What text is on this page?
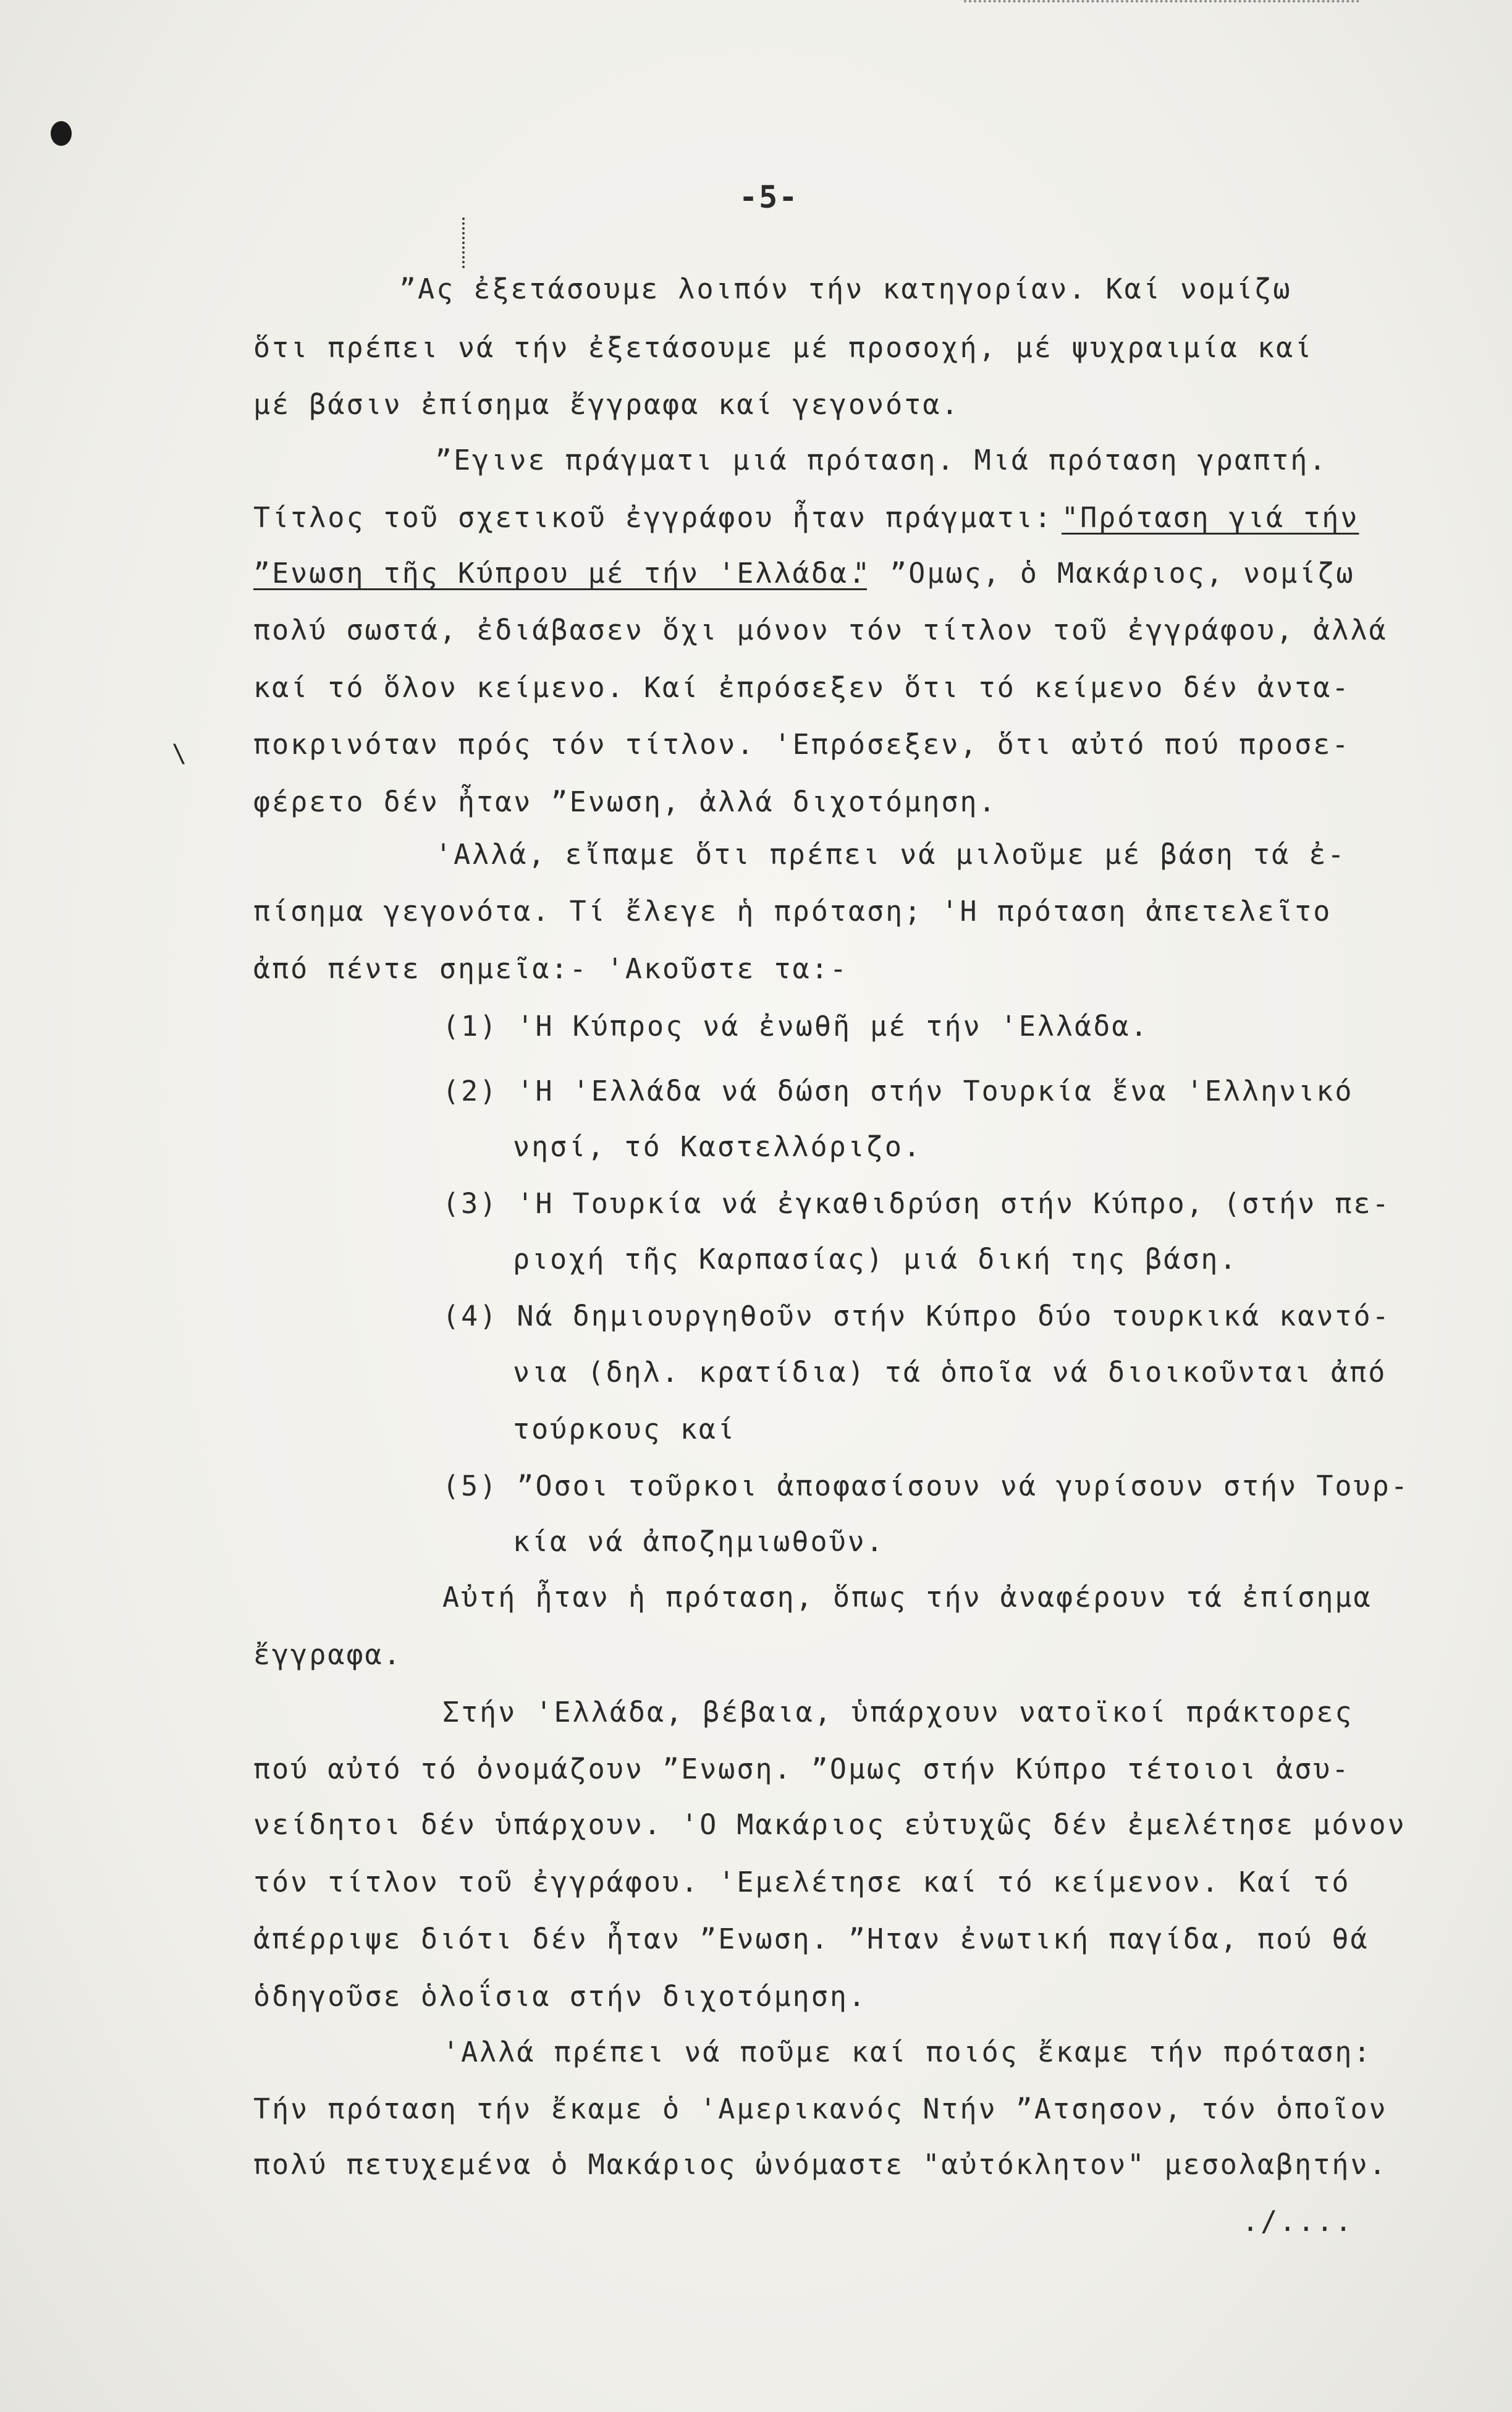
\
-5-
”Ας ἐξετάσουμε λοιπόν τήν κατηγορίαν. Καί νομίζω
ὅτι πρέπει νά τήν ἐξετάσουμε μέ προσοχή, μέ ψυχραιμία καί
μέ βάσιν ἐπίσημα ἔγγραφα καί γεγονότα.
”Εγινε πράγματι μιά πρόταση. Μιά πρόταση γραπτή.
Τίτλος τοῦ σχετικοῦ ἐγγράφου ἦταν πράγματι: "Πρόταση γιά τήν
”Ενωση τῆς Κύπρου μέ τήν 'Ελλάδα.
" ”Ομως, ὁ Μακάριος, νομίζω
πολύ σωστά, ἐδιάβασεν ὅχι μόνον τόν τίτλον τοῦ ἐγγράφου, ἀλλά
καί τό ὅλον κείμενο. Καί ἐπρόσεξεν ὅτι τό κείμενο δέν ἀντα-
ποκρινόταν πρός τόν τίτλον. 'Επρόσεξεν, ὅτι αὐτό πού προσε-
φέρετο δέν ἦταν ”Ενωση, ἀλλά διχοτόμηση.
'Αλλά, εἴπαμε ὅτι πρέπει νά μιλοῦμε μέ βάση τά ἐ-
πίσημα γεγονότα. Τί ἔλεγε ἡ πρόταση; 'Η πρόταση ἀπετελεῖτο
ἀπό πέντε σημεῖα:- 'Ακοῦστε τα:-
(1) 'Η Κύπρος νά ἐνωθῆ μέ τήν 'Ελλάδα.
(2) 'Η 'Ελλάδα νά δώση στήν Τουρκία ἕνα 'Ελληνικό
νησί, τό Καστελλόριζο.
(3) 'Η Τουρκία νά ἐγκαθιδρύση στήν Κύπρο, (στήν πε-
ριοχή τῆς Καρπασίας) μιά δική της βάση.
(4) Νά δημιουργηθοῦν στήν Κύπρο δύο τουρκικά καντό-
νια (δηλ. κρατίδια) τά ὁποῖα νά διοικοῦνται ἀπό
τούρκους καί
(5) ”Οσοι τοῦρκοι ἀποφασίσουν νά γυρίσουν στήν Τουρ-
κία νά ἀποζημιωθοῦν.
Αὐτή ἦταν ἡ πρόταση, ὅπως τήν ἀναφέρουν τά ἐπίσημα
ἔγγραφα.
Στήν 'Ελλάδα, βέβαια, ὑπάρχουν νατοϊκοί πράκτορες
πού αὐτό τό ὀνομάζουν ”Ενωση. ”Ομως στήν Κύπρο τέτοιοι ἀσυ-
νείδητοι δέν ὑπάρχουν. 'Ο Μακάριος εὐτυχῶς δέν ἐμελέτησε μόνον
τόν τίτλον τοῦ ἐγγράφου. 'Εμελέτησε καί τό κείμενον. Καί τό
ἀπέρριψε διότι δέν ἦταν ”Ενωση. ”Ηταν ἐνωτική παγίδα, πού θά
ὁδηγοῦσε ὁλοΐσια στήν διχοτόμηση.
'Αλλά πρέπει νά ποῦμε καί ποιός ἔκαμε τήν πρόταση:
Τήν πρόταση τήν ἔκαμε ὁ 'Αμερικανός Ντήν ”Ατσησον, τόν ὁποῖον
πολύ πετυχεμένα ὁ Μακάριος ὠνόμαστε "αὐτόκλητον" μεσολαβητήν.
./....
